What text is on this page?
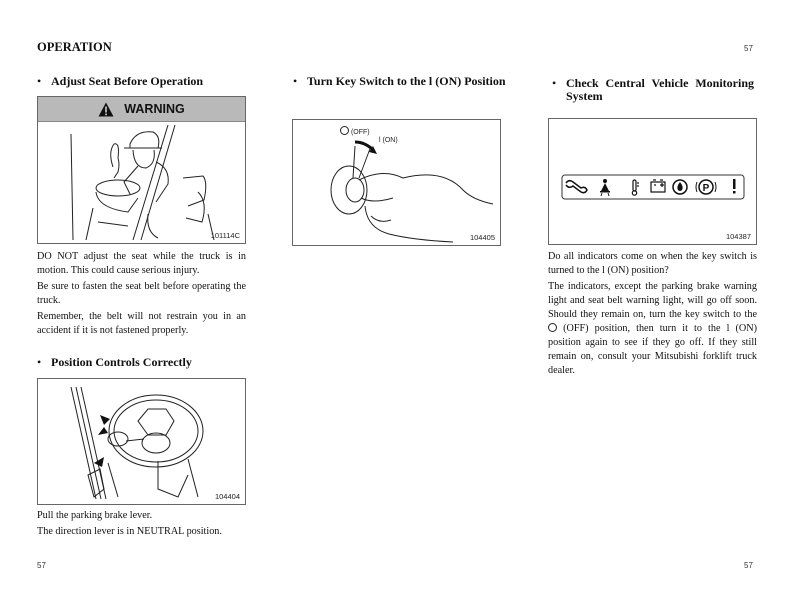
OPERATION	57
• Adjust Seat Before Operation
WARNING
101114C

DO NOT adjust the seat while the truck is in motion. This could cause serious injury.

Be sure to fasten the seat belt before operating the truck.

Remember, the belt will not restrain you in an accident if it is not fastened properly.

• Position Controls Correctly
104404

Pull the parking brake lever.

The direction lever is in NEUTRAL position.

• Turn Key Switch to the l (ON) Position
(OFF)
l (ON)
104405
• Check Central Vehicle Monitoring
System
P
104387

Do all indicators come on when the key switch is turned to the l (ON) position?

The indicators, except the parking brake warning light and seat belt warning light, will go off soon. Should they remain on, turn the key switch to the  (OFF) position, then turn it to the l (ON) position again to see if they go off. If they still remain on, consult your Mitsubishi forklift truck dealer.

57	57
